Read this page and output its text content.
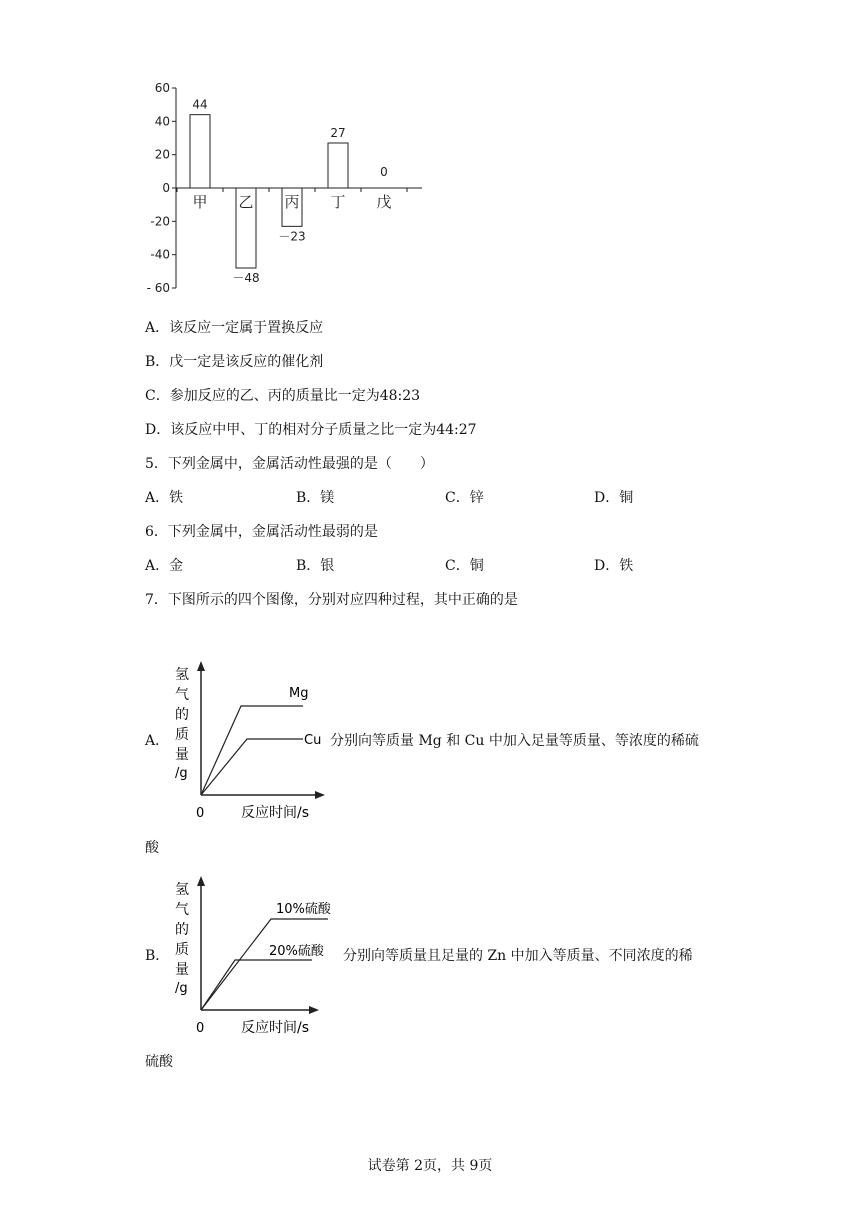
60
40
20
0
-20
-40
- 60
44
－48
－23
27
0
甲 乙 丙 丁 戊
A．该反应一定属于置换反应
B．戊一定是该反应的催化剂
C．参加反应的乙、丙的质量比一定为48:23
D．该反应中甲、丁的相对分子质量之比一定为44:27
5．下列金属中，金属活动性最强的是（　　）
A．铁	B．镁	C．锌	D．铜
6．下列金属中，金属活动性最弱的是
A．金	B．银	C．铜	D．铁
7．下图所示的四个图像，分别对应四种过程，其中正确的是
A．
Mg
Cu
氢
气
的
质
量
/g
0	反应时间/s
分别向等质量 Mg 和 Cu 中加入足量等质量、等浓度的稀硫
酸
B．
10%硫酸
20%硫酸
氢
气
的
质
量
/g
0	反应时间/s
分别向等质量且足量的 Zn 中加入等质量、不同浓度的稀
硫酸
试卷第 2页，共 9页
